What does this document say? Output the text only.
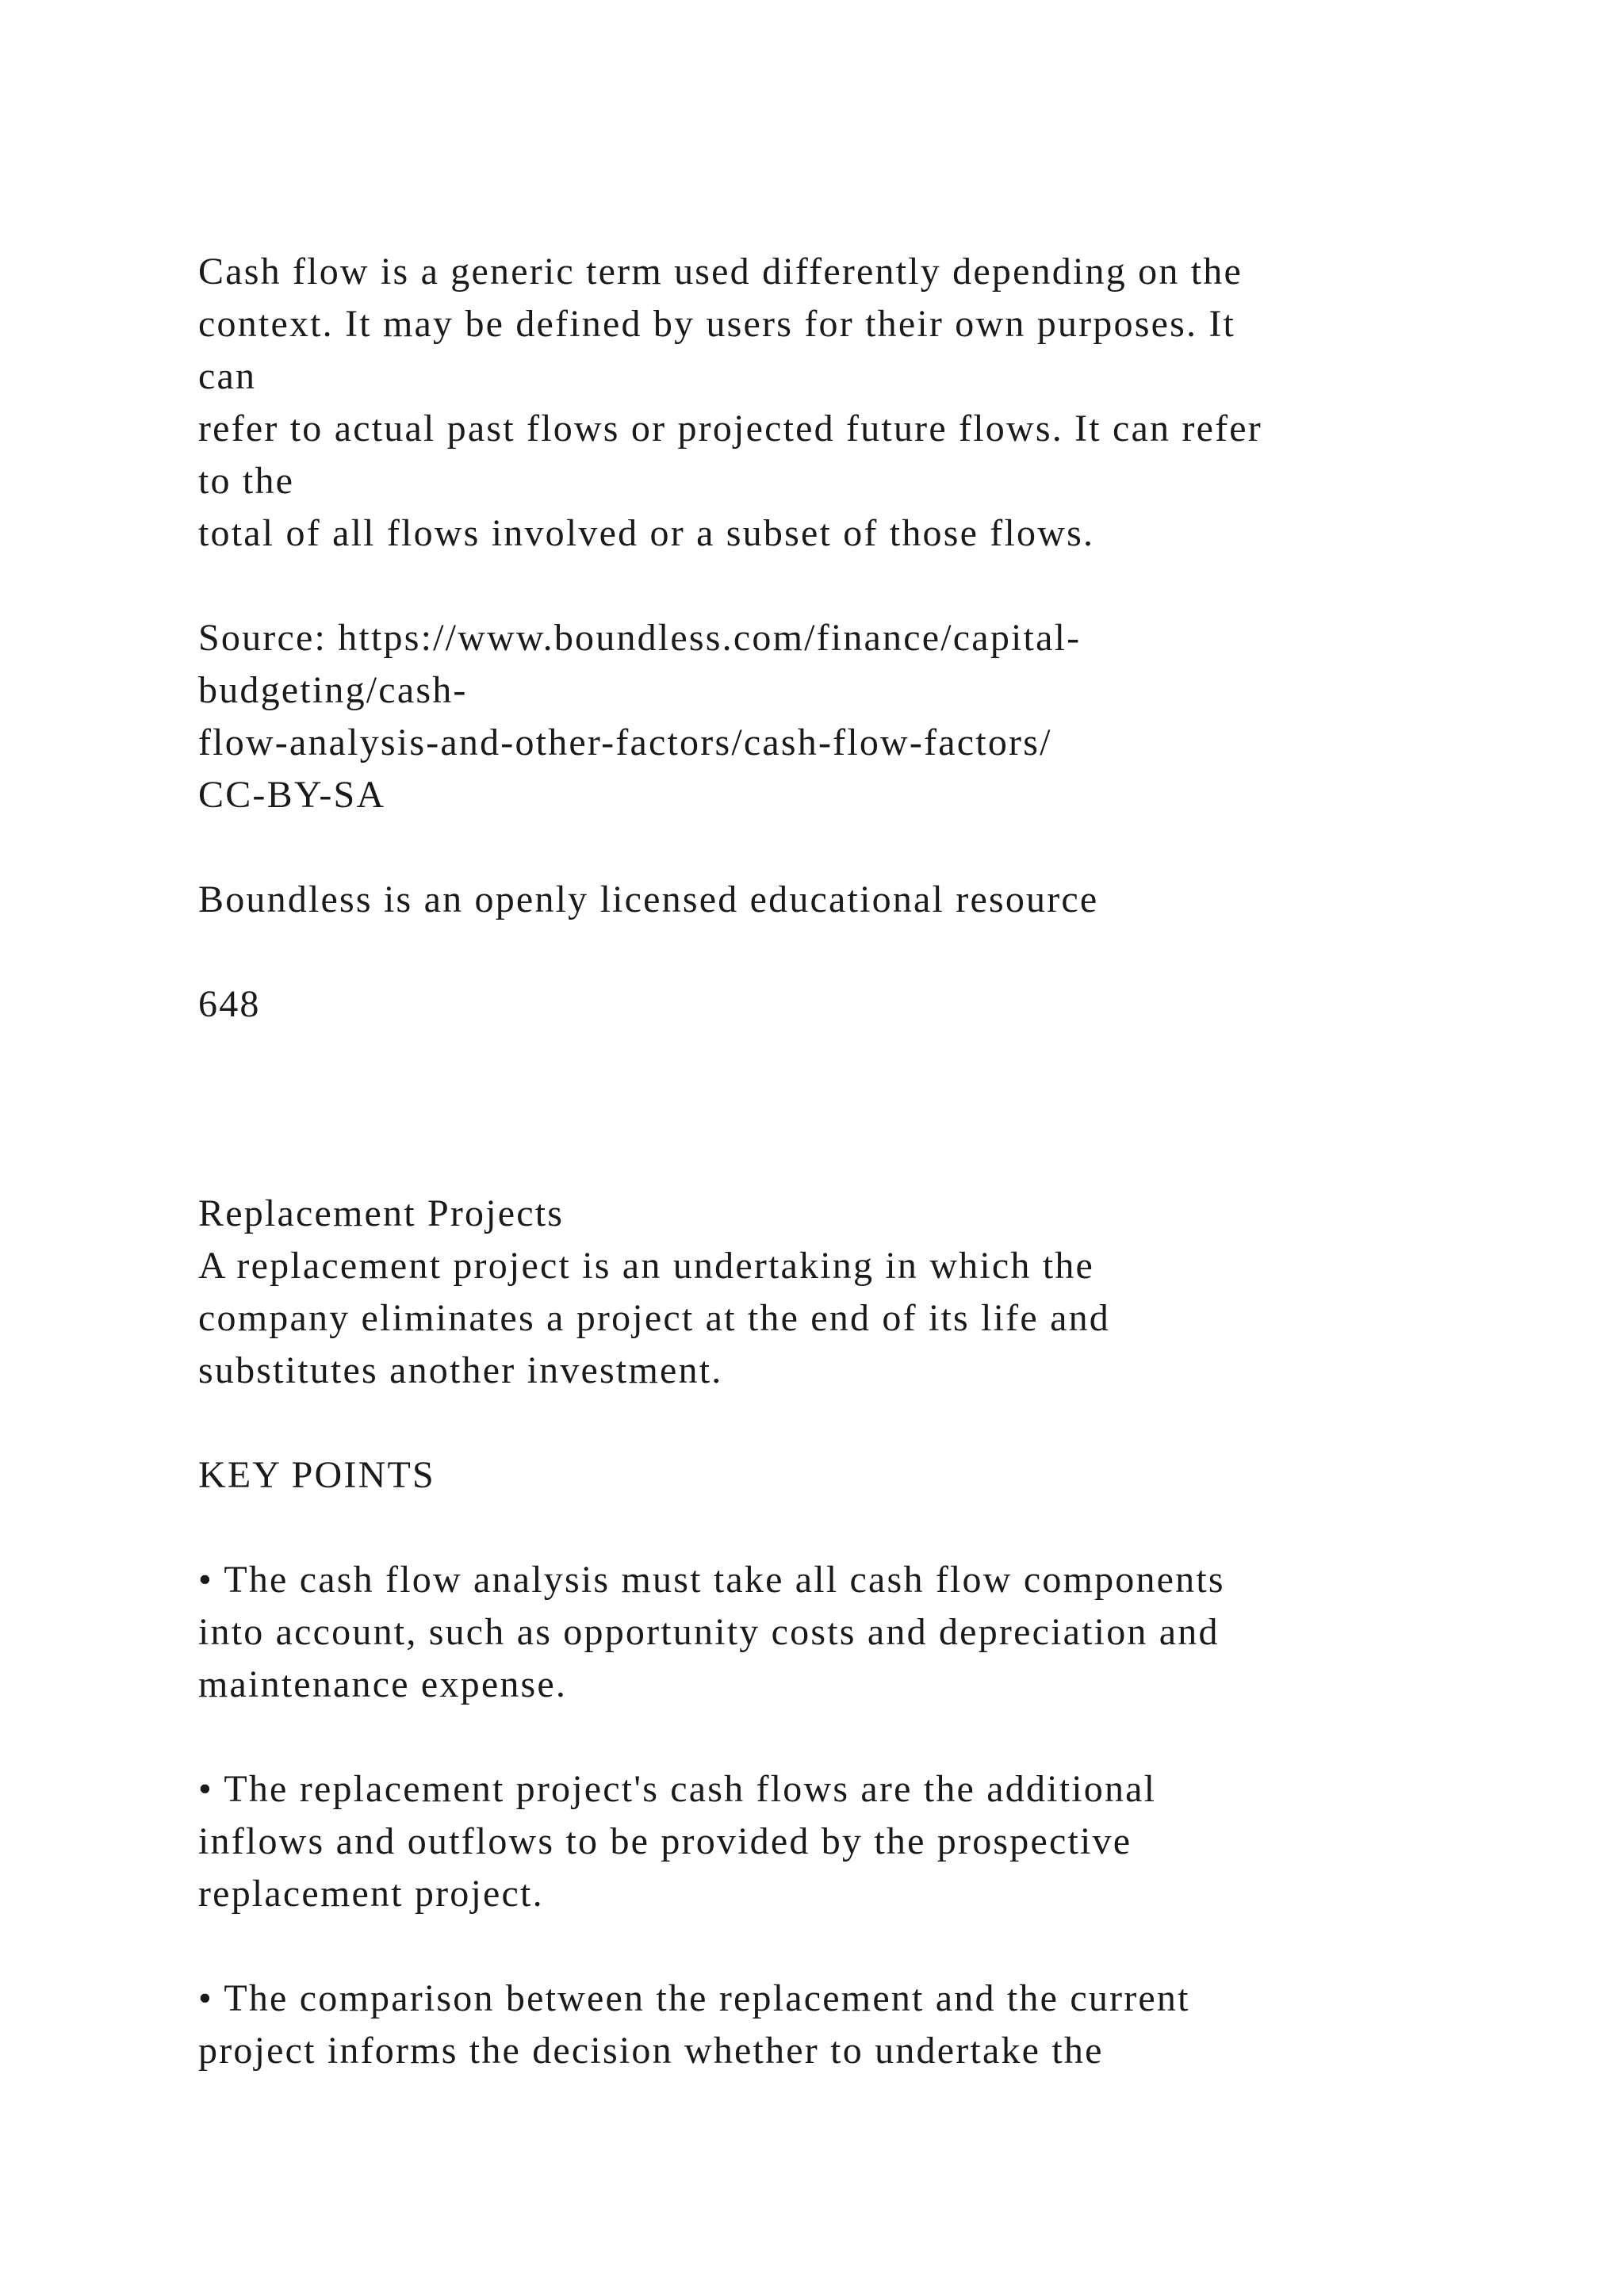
Cash flow is a generic term used differently depending on the
context. It may be defined by users for their own purposes. It
can
refer to actual past flows or projected future flows. It can refer
to the
total of all flows involved or a subset of those flows.
Source: https://www.boundless.com/finance/capital-
budgeting/cash-
flow-analysis-and-other-factors/cash-flow-factors/
CC-BY-SA
Boundless is an openly licensed educational resource
648
Replacement Projects
A replacement project is an undertaking in which the
company eliminates a project at the end of its life and
substitutes another investment.
KEY POINTS
• The cash flow analysis must take all cash flow components
into account, such as opportunity costs and depreciation and
maintenance expense.
• The replacement project's cash flows are the additional
inflows and outflows to be provided by the prospective
replacement project.
• The comparison between the replacement and the current
project informs the decision whether to undertake the
